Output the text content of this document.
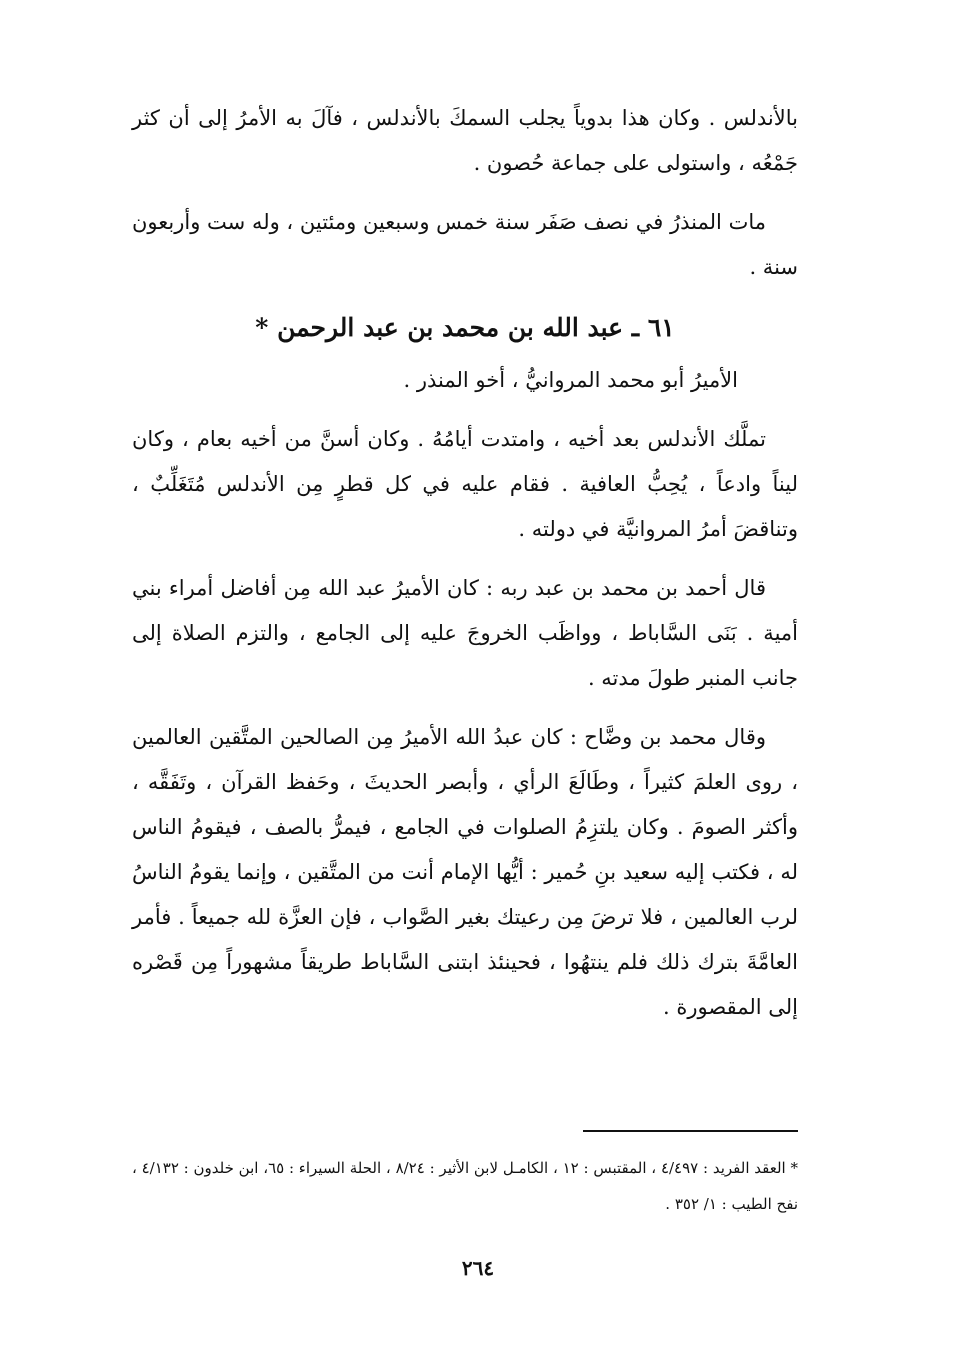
بالأندلس . وكان هذا بدوياً يجلب السمكَ بالأندلس ، فآلَ به الأمرُ إلى أن كثر جَمْعُه ، واستولى على جماعة حُصون .

مات المنذرُ في نصف صَفَر سنة خمس وسبعين ومئتين ، وله ست وأربعون سنة .

٦١ ـ عبد الله بن محمد بن عبد الرحمن *
الأميرُ أبو محمد المروانيُّ ، أخو المنذر .

تملَّك الأندلس بعد أخيه ، وامتدت أيامُهُ . وكان أسنَّ من أخيه بعام ، وكان ليناً وادعاً ، يُحِبُّ العافية . فقام عليه في كل قطرٍ مِن الأندلس مُتَغَلِّبٌ ، وتناقضَ أمرُ المروانيَّة في دولته .

قال أحمد بن محمد بن عبد ربه : كان الأميرُ عبد الله مِن أفاضل أمراء بني أمية . بَنَى السَّاباط ، وواظَب الخروجَ عليه إلى الجامع ، والتزم الصلاة إلى جانب المنبر طولَ مدته .

وقال محمد بن وضَّاح : كان عبدُ الله الأميرُ مِن الصالحين المتَّقين العالمين ، روى العلمَ كثيراً ، وطَالَعَ الرأي ، وأبصر الحديثَ ، وحَفظ القرآن ، وتَفَقَّه ، وأكثر الصومَ . وكان يلتزِمُ الصلوات في الجامع ، فيمرُّ بالصف ، فيقومُ الناس له ، فكتب إليه سعيد بنِ حُمير : أيُّها الإمام أنت من المتَّقين ، وإنما يقومُ الناسُ لرب العالمين ، فلا ترضَ مِن رعيتك بغير الصَّواب ، فإن العزَّة لله جميعاً . فأمر العامَّةَ بترك ذلك فلم ينتهُوا ، فحينئذ ابتنى السَّاباط طريقاً مشهوراً مِن قَصْره إلى المقصورة .

* العقد الفريد : ٤/٤٩٧ ، المقتبس : ١٢ ، الكامـل لابن الأثير : ٨/٢٤ ، الحلة السيراء : ٦٥، ابن خلدون : ٤/١٣٢ ، نفح الطيب : ١/ ٣٥٢ .
٢٦٤
